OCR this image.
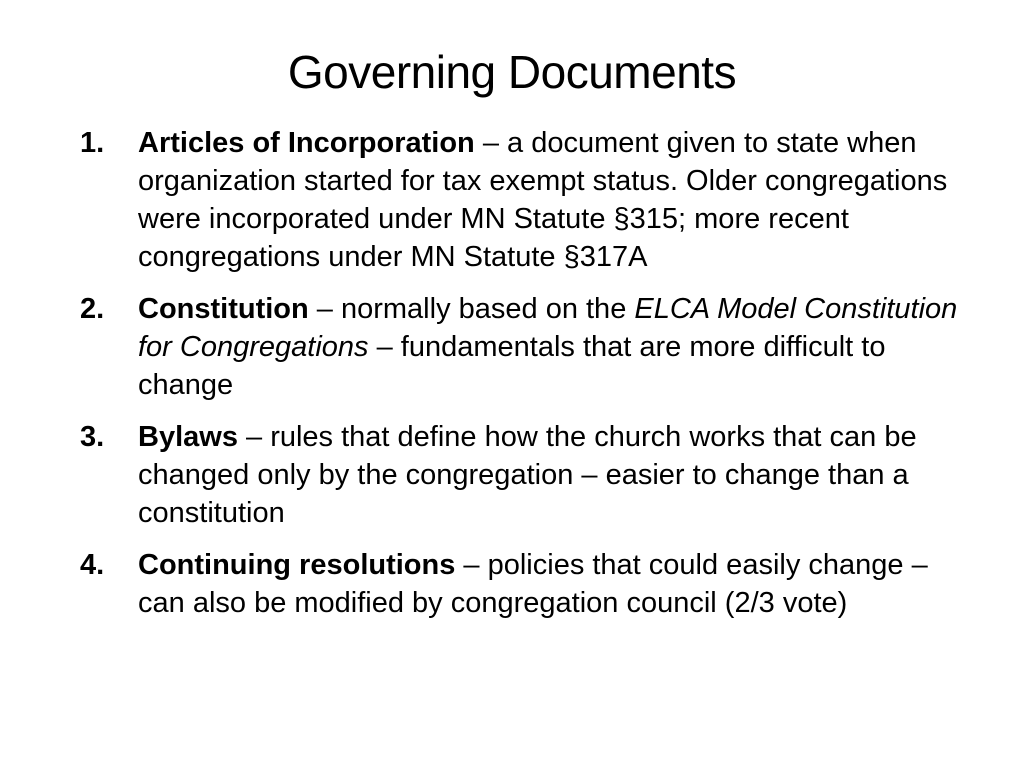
Governing Documents
1. Articles of Incorporation – a document given to state when organization started for tax exempt status. Older congregations were incorporated under MN Statute §315; more recent congregations under MN Statute §317A
2. Constitution – normally based on the ELCA Model Constitution for Congregations – fundamentals that are more difficult to change
3. Bylaws – rules that define how the church works that can be changed only by the congregation – easier to change than a constitution
4. Continuing resolutions – policies that could easily change – can also be modified by congregation council (2/3 vote)
